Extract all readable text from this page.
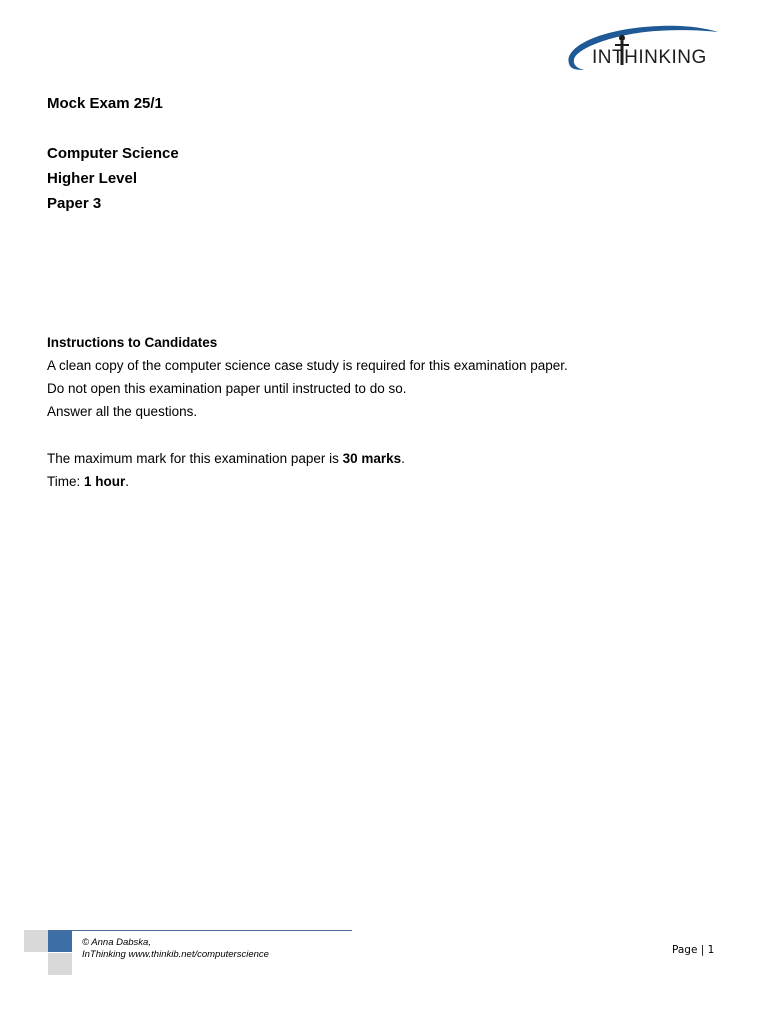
INTHINKING
Mock Exam 25/1
Computer Science
Higher Level
Paper 3
Instructions to Candidates
A clean copy of the computer science case study is required for this examination paper.
Do not open this examination paper until instructed to do so.
Answer all the questions.
The maximum mark for this examination paper is 30 marks.
Time: 1 hour.
© Anna Dabska,
InThinking www.thinkib.net/computerscience	Page | 1
